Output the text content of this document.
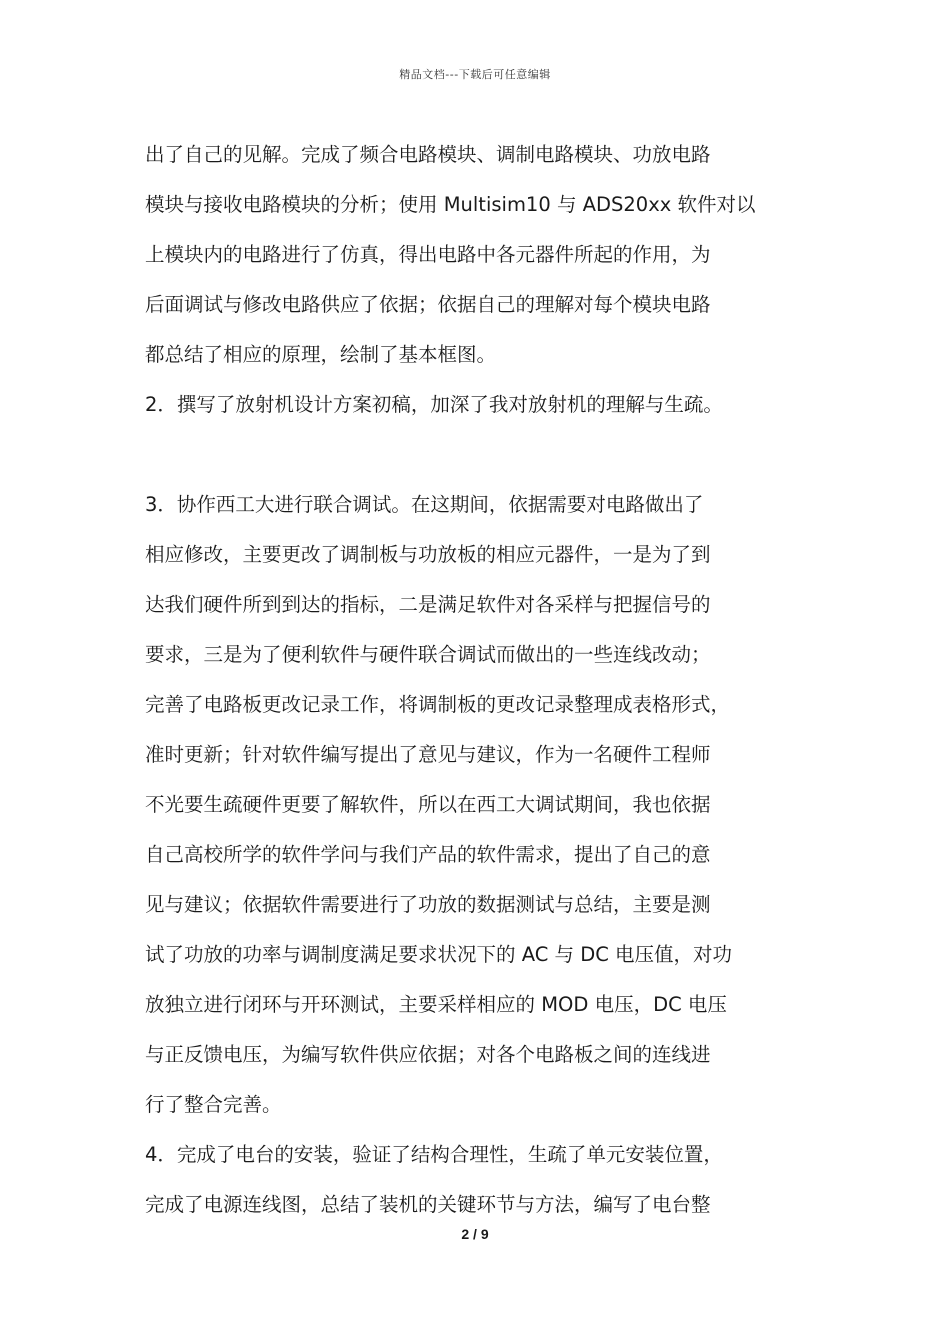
精品文档---下载后可任意编辑

出了自己的见解。完成了频合电路模块、调制电路模块、功放电路

模块与接收电路模块的分析；使用 Multisim10 与 ADS20xx 软件对以

上模块内的电路进行了仿真，得出电路中各元器件所起的作用，为

后面调试与修改电路供应了依据；依据自己的理解对每个模块电路

都总结了相应的原理，绘制了基本框图。

2．撰写了放射机设计方案初稿，加深了我对放射机的理解与生疏。

3．协作西工大进行联合调试。在这期间，依据需要对电路做出了

相应修改，主要更改了调制板与功放板的相应元器件，一是为了到

达我们硬件所到到达的指标，二是满足软件对各采样与把握信号的

要求，三是为了便利软件与硬件联合调试而做出的一些连线改动；

完善了电路板更改记录工作，将调制板的更改记录整理成表格形式，

准时更新；针对软件编写提出了意见与建议，作为一名硬件工程师

不光要生疏硬件更要了解软件，所以在西工大调试期间，我也依据

自己高校所学的软件学问与我们产品的软件需求，提出了自己的意

见与建议；依据软件需要进行了功放的数据测试与总结，主要是测

试了功放的功率与调制度满足要求状况下的 AC 与 DC 电压值，对功

放独立进行闭环与开环测试，主要采样相应的 MOD 电压，DC 电压

与正反馈电压，为编写软件供应依据；对各个电路板之间的连线进

行了整合完善。

4．完成了电台的安装，验证了结构合理性，生疏了单元安装位置，

完成了电源连线图，总结了装机的关键环节与方法，编写了电台整

2 / 9
